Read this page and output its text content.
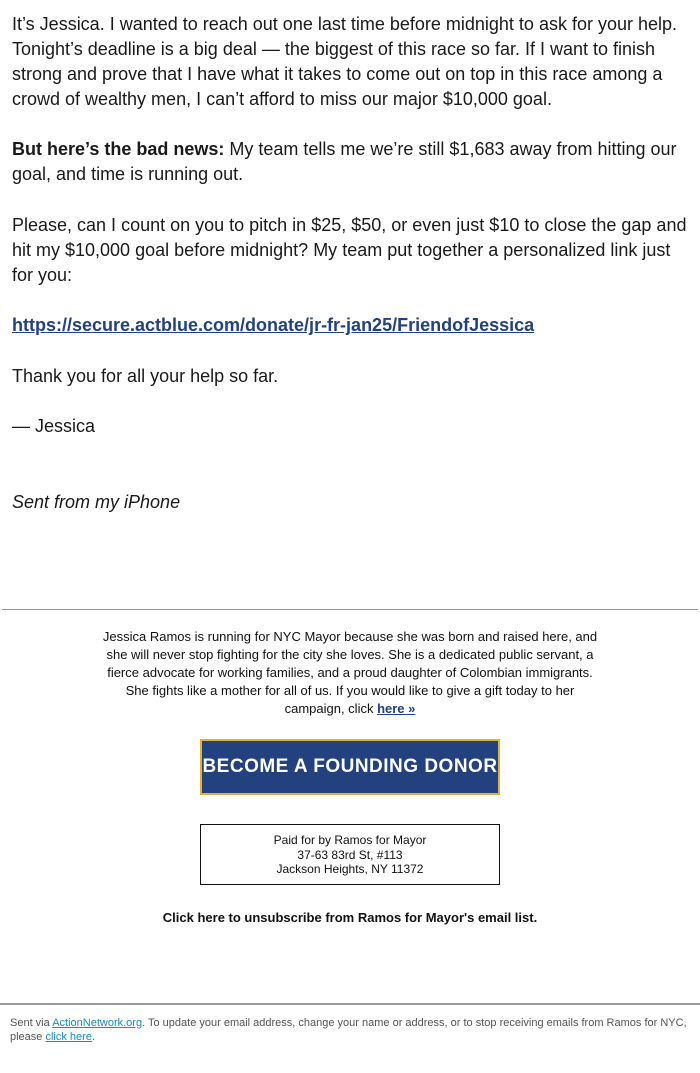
It’s Jessica. I wanted to reach out one last time before midnight to ask for your help. Tonight’s deadline is a big deal — the biggest of this race so far. If I want to finish strong and prove that I have what it takes to come out on top in this race among a crowd of wealthy men, I can’t afford to miss our major $10,000 goal.
But here’s the bad news: My team tells me we’re still $1,683 away from hitting our goal, and time is running out.
Please, can I count on you to pitch in $25, $50, or even just $10 to close the gap and hit my $10,000 goal before midnight? My team put together a personalized link just for you:
https://secure.actblue.com/donate/jr-fr-jan25/FriendofJessica
Thank you for all your help so far.
— Jessica
Sent from my iPhone
Jessica Ramos is running for NYC Mayor because she was born and raised here, and she will never stop fighting for the city she loves. She is a dedicated public servant, a fierce advocate for working families, and a proud daughter of Colombian immigrants. She fights like a mother for all of us. If you would like to give a gift today to her campaign, click here »
BECOME A FOUNDING DONOR
Paid for by Ramos for Mayor
37-63 83rd St, #113
Jackson Heights, NY 11372
Click here to unsubscribe from Ramos for Mayor's email list.
Sent via ActionNetwork.org. To update your email address, change your name or address, or to stop receiving emails from Ramos for NYC, please click here.
